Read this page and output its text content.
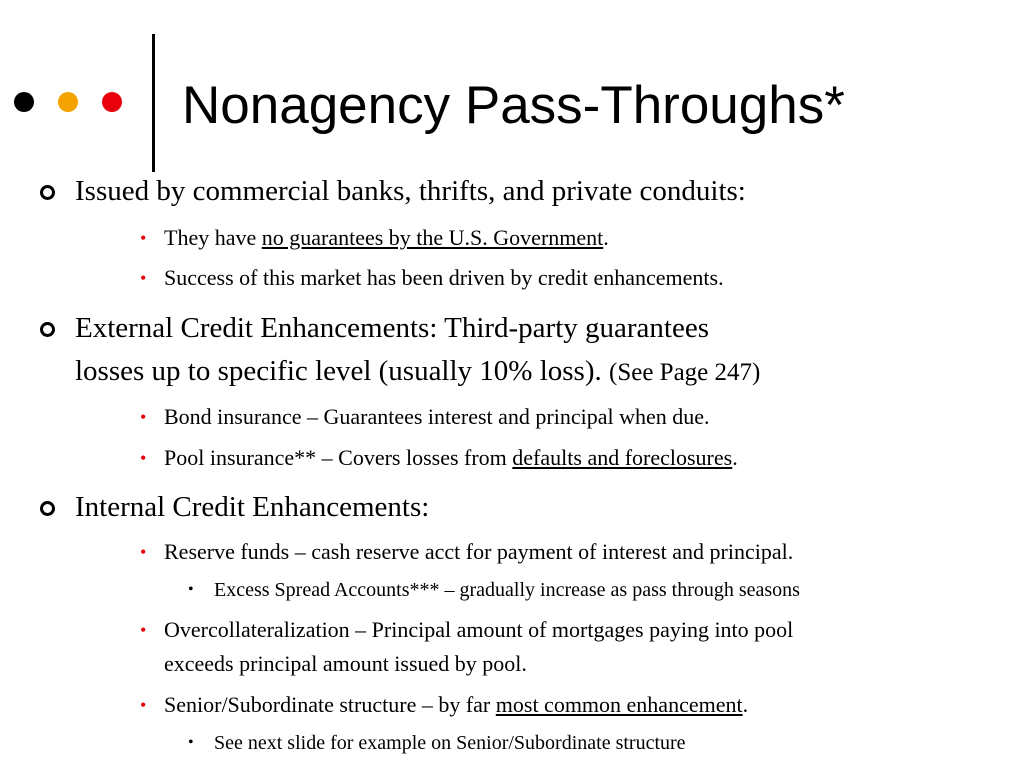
Nonagency Pass-Throughs*

Issued by commercial banks, thrifts, and private conduits:

• They have no guarantees by the U.S. Government.

• Success of this market has been driven by credit enhancements.

External Credit Enhancements: Third-party guarantees

losses up to specific level (usually 10% loss). (See Page 247)

• Bond insurance – Guarantees interest and principal when due.

• Pool insurance** – Covers losses from defaults and foreclosures.

Internal Credit Enhancements:

• Reserve funds – cash reserve acct for payment of interest and principal.

• Excess Spread Accounts*** – gradually increase as pass through seasons

• Overcollateralization – Principal amount of mortgages paying into pool

exceeds principal amount issued by pool.

• Senior/Subordinate structure – by far most common enhancement.

• See next slide for example on Senior/Subordinate structure
